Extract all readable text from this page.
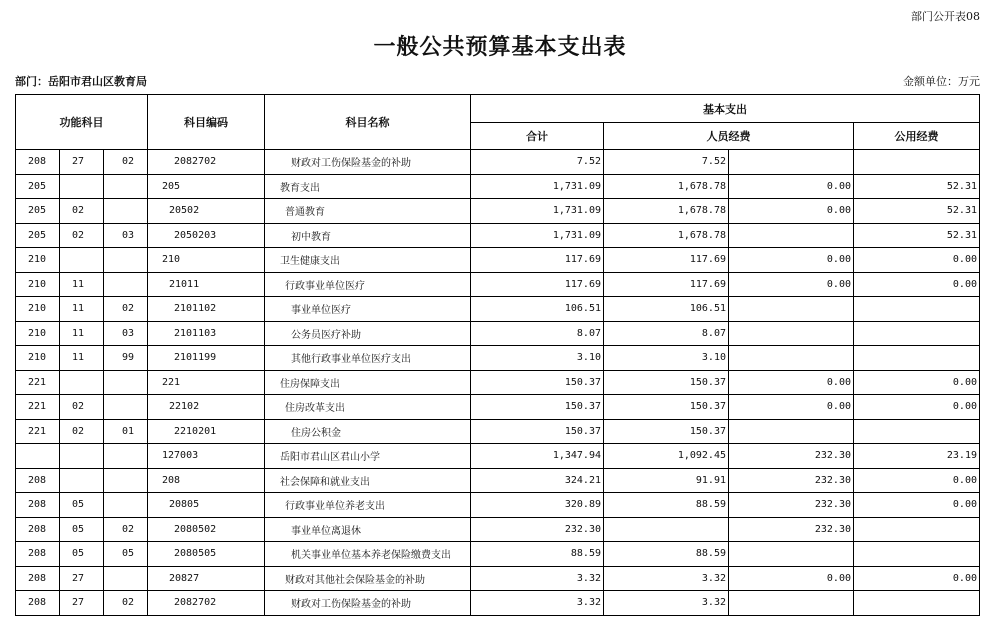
部门公开表08
一般公共预算基本支出表
部门：岳阳市君山区教育局	金额单位：万元
功能科目			科目编码	科目名称	基本支出			
					合计	人员经费		公用经费
208	27	02	2082702	财政对工伤保险基金的补助	7.52	7.52		
205			205	教育支出	1,731.09	1,678.78	0.00	52.31
205	02		20502	普通教育	1,731.09	1,678.78	0.00	52.31
205	02	03	2050203	初中教育	1,731.09	1,678.78		52.31
210			210	卫生健康支出	117.69	117.69	0.00	0.00
210	11		21011	行政事业单位医疗	117.69	117.69	0.00	0.00
210	11	02	2101102	事业单位医疗	106.51	106.51		
210	11	03	2101103	公务员医疗补助	8.07	8.07		
210	11	99	2101199	其他行政事业单位医疗支出	3.10	3.10		
221			221	住房保障支出	150.37	150.37	0.00	0.00
221	02		22102	住房改革支出	150.37	150.37	0.00	0.00
221	02	01	2210201	住房公积金	150.37	150.37		
			127003	岳阳市君山区君山小学	1,347.94	1,092.45	232.30	23.19
208			208	社会保障和就业支出	324.21	91.91	232.30	0.00
208	05		20805	行政事业单位养老支出	320.89	88.59	232.30	0.00
208	05	02	2080502	事业单位离退休	232.30		232.30	
208	05	05	2080505	机关事业单位基本养老保险缴费支出	88.59	88.59		
208	27		20827	财政对其他社会保险基金的补助	3.32	3.32	0.00	0.00
208	27	02	2082702	财政对工伤保险基金的补助	3.32	3.32		
